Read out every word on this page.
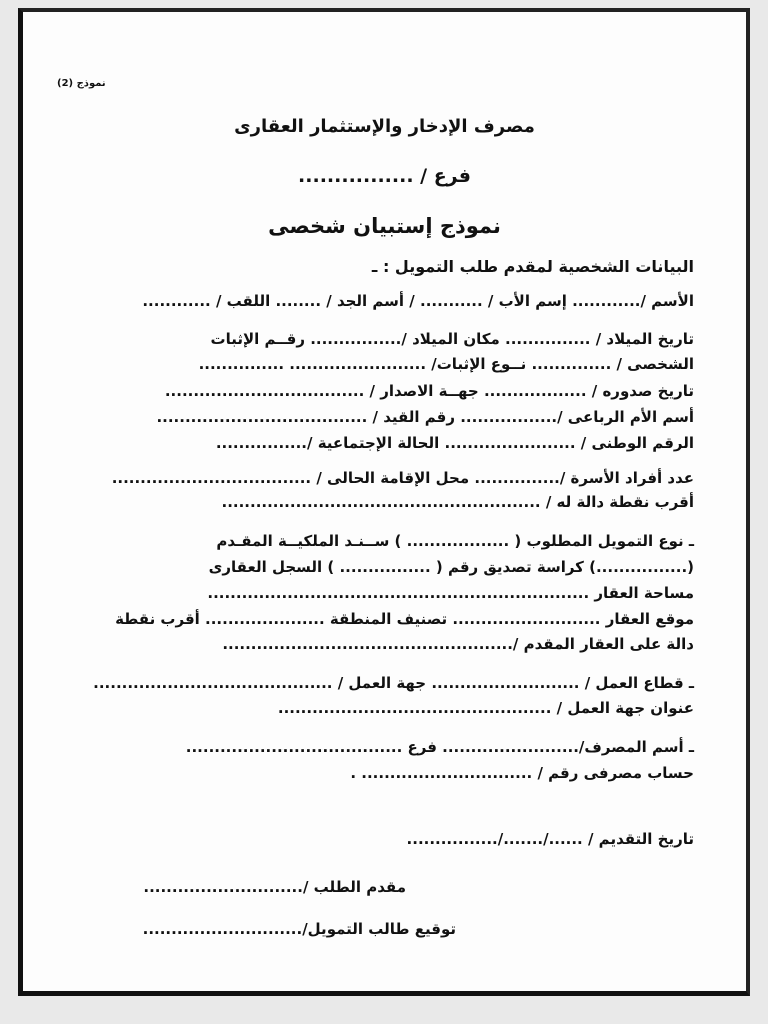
نموذج (2)
مصرف الإدخار والإستثمار العقارى
فرع / ................
نموذج إستبيان شخصى
البيانات الشخصية لمقدم طلب التمويل : ـ
الأسم /............ إسم الأب / ........... / أسم الجد / ........ اللقب / ............
تاريخ الميلاد / ............... مكان الميلاد /................ رقــم الإثبات
الشخصى / .............. نــوع الإثبات/ ........................ ...............
تاريخ صدوره / .................. جهــة الاصدار / ...................................
أسم الأم الرباعى /................. رقم القيد / .....................................
الرقم الوطنى / ....................... الحالة الإجتماعية /................
عدد أفراد الأسرة /............... محل الإقامة الحالى / ...................................
أقرب نقطة دالة له / ........................................................
ـ نوع التمويل المطلوب ( .................. ) ســنـد الملكيــة المقـدم
(................) كراسة تصديق رقم ( ................ ) السجل العقارى
مساحة العقار ...................................................................
موقع العقار .......................... تصنيف المنطقة ..................... أقرب نقطة
دالة على العقار المقدم /...................................................
ـ قطاع العمل / .......................... جهة العمل / ..........................................
عنوان جهة العمل / ................................................
ـ أسم المصرف/........................ فرع ......................................
حساب مصرفى رقم / .............................. .
تاريخ التقديم / ....../......./................
مقدم الطلب /............................
توقيع طالب التمويل/............................
